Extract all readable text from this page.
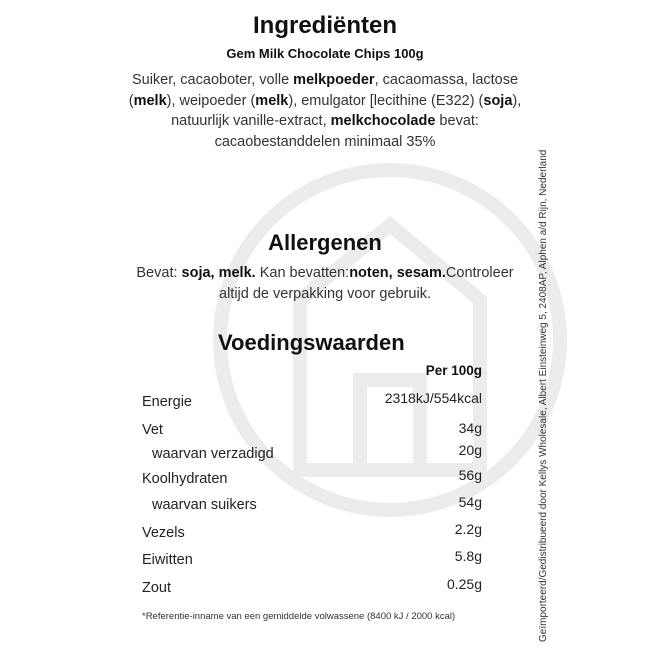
Ingrediënten
Gem Milk Chocolate Chips 100g
Suiker, cacaoboter, volle melkpoeder, cacaomassa, lactose (melk), weipoeder (melk), emulgator [lecithine (E322) (soja), natuurlijk vanille-extract, melkchocolade bevat: cacaobestanddelen minimaal 35%
Allergenen
Bevat: soja, melk. Kan bevatten:noten, sesam.Controleer altijd de verpakking voor gebruik.
Voedingswaarden
Per 100g
Energie	2318kJ/554kcal
Vet	34g
waarvan verzadigd	20g
Koolhydraten	56g
waarvan suikers	54g
Vezels	2.2g
Eiwitten	5.8g
Zout	0.25g
*Referentie-inname van een gemiddelde volwassene (8400 kJ / 2000 kcal)	Geïmporteerd/Gedistribueerd door Kellys Wholesale, Albert Einsteinweg 5, 2408AP, Alphen a/d Rijn, Nederland
